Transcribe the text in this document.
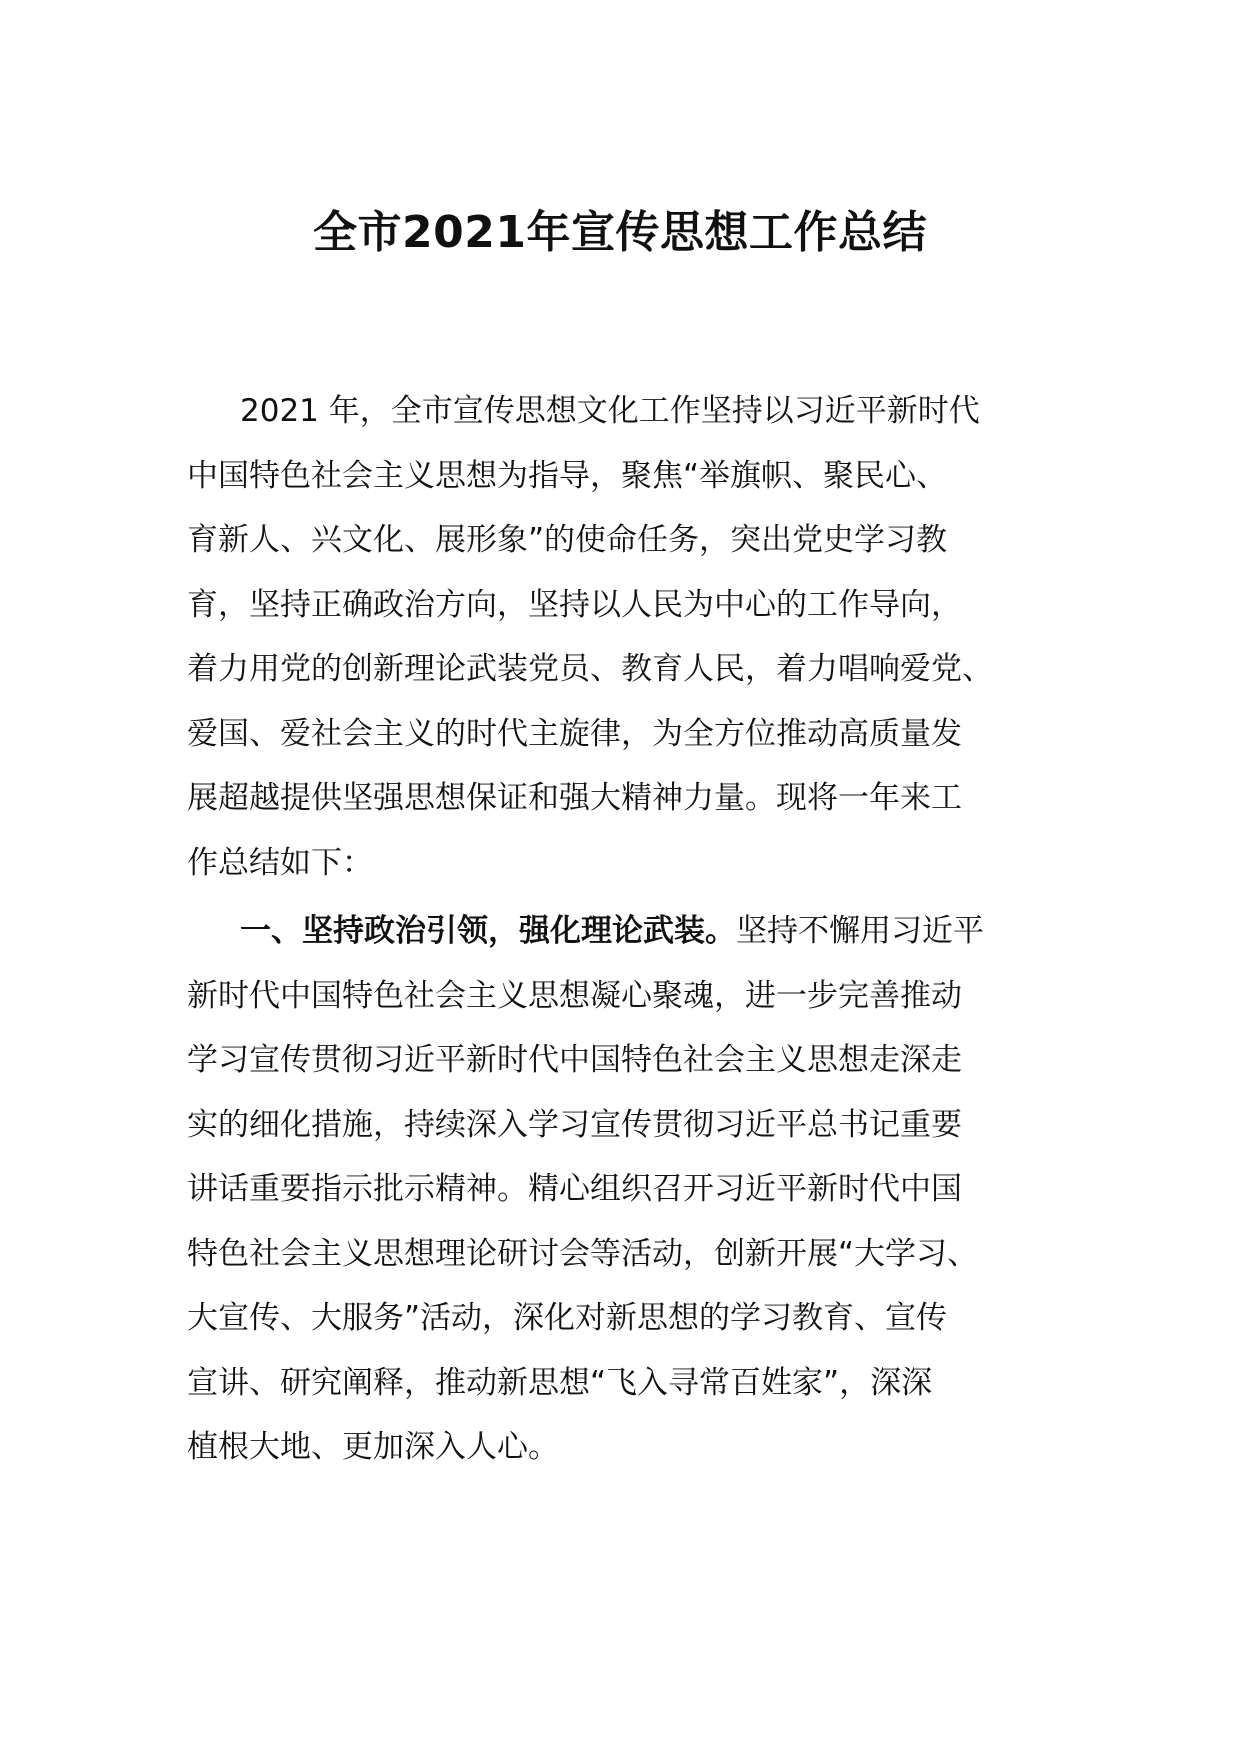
全市2021年宣传思想工作总结
2021 年，全市宣传思想文化工作坚持以习近平新时代
中国特色社会主义思想为指导，聚焦“举旗帜、聚民心、
育新人、兴文化、展形象”的使命任务，突出党史学习教
育，坚持正确政治方向，坚持以人民为中心的工作导向，
着力用党的创新理论武装党员、教育人民，着力唱响爱党、
爱国、爱社会主义的时代主旋律，为全方位推动高质量发
展超越提供坚强思想保证和强大精神力量。现将一年来工
作总结如下：
一、坚持政治引领，强化理论武装。坚持不懈用习近平
新时代中国特色社会主义思想凝心聚魂，进一步完善推动
学习宣传贯彻习近平新时代中国特色社会主义思想走深走
实的细化措施，持续深入学习宣传贯彻习近平总书记重要
讲话重要指示批示精神。精心组织召开习近平新时代中国
特色社会主义思想理论研讨会等活动，创新开展“大学习、
大宣传、大服务”活动，深化对新思想的学习教育、宣传
宣讲、研究阐释，推动新思想“飞入寻常百姓家”，深深
植根大地、更加深入人心。
